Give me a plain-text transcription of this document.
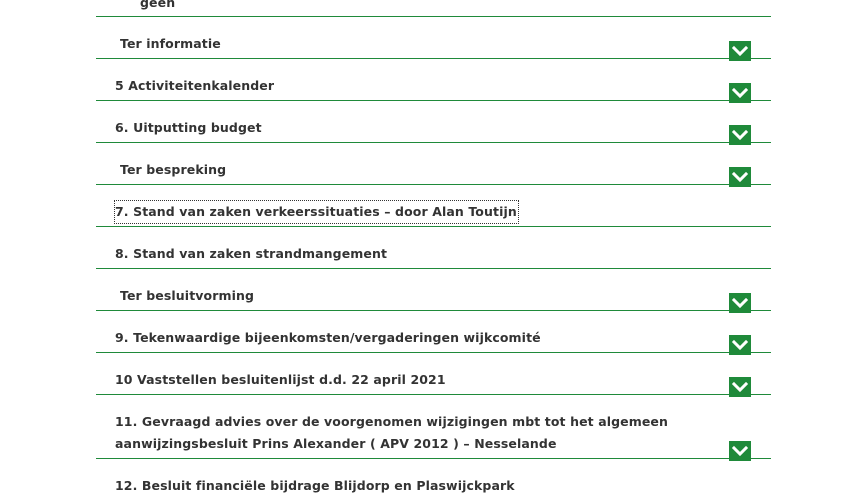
geen
Ter informatie
5 Activiteitenkalender
6. Uitputting budget
Ter bespreking
7. Stand van zaken verkeerssituaties – door Alan Toutijn
8. Stand van zaken strandmangement
Ter besluitvorming
9. Tekenwaardige bijeenkomsten/vergaderingen wijkcomité
10 Vaststellen besluitenlijst d.d. 22 april 2021
11. Gevraagd advies over de voorgenomen wijzigingen mbt tot het algemeen aanwijzingsbesluit Prins Alexander ( APV 2012 ) – Nesselande
12. Besluit financiële bijdrage Blijdorp en Plaswijckpark
